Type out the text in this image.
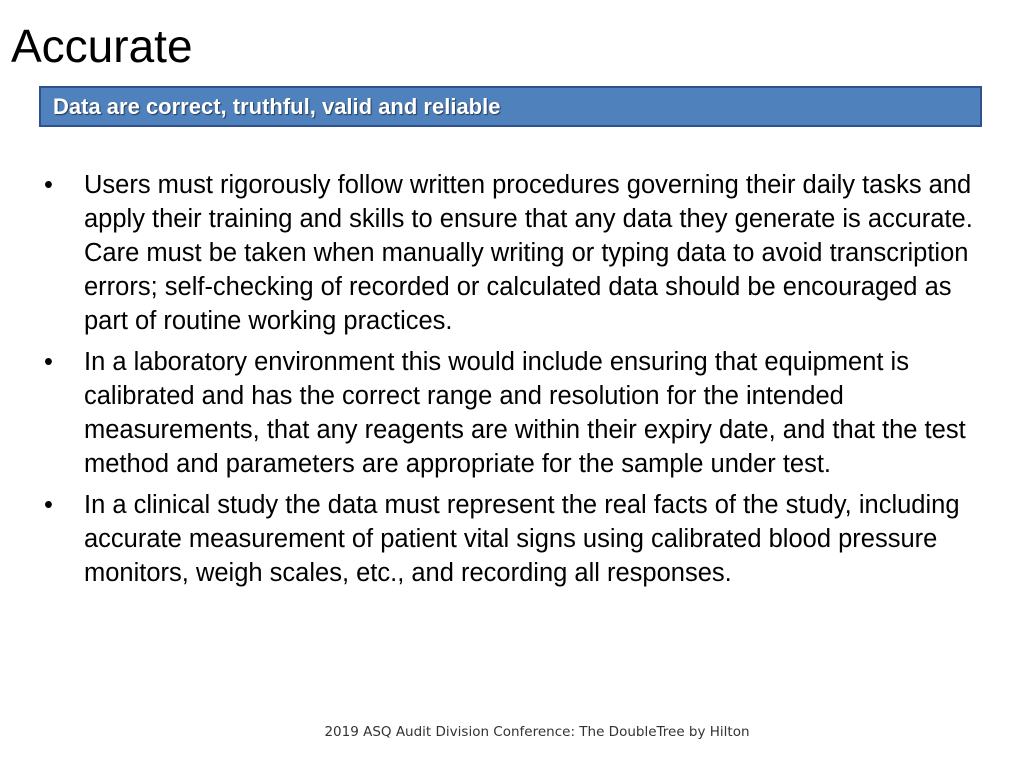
Accurate
Data are correct, truthful, valid and reliable
• Users must rigorously follow written procedures governing their daily tasks and apply their training and skills to ensure that any data they generate is accurate. Care must be taken when manually writing or typing data to avoid transcription errors; self-checking of recorded or calculated data should be encouraged as part of routine working practices.
• In a laboratory environment this would include ensuring that equipment is calibrated and has the correct range and resolution for the intended measurements, that any reagents are within their expiry date, and that the test method and parameters are appropriate for the sample under test.
• In a clinical study the data must represent the real facts of the study, including accurate measurement of patient vital signs using calibrated blood pressure monitors, weigh scales, etc., and recording all responses.
2019 ASQ Audit Division Conference: The DoubleTree by Hilton
